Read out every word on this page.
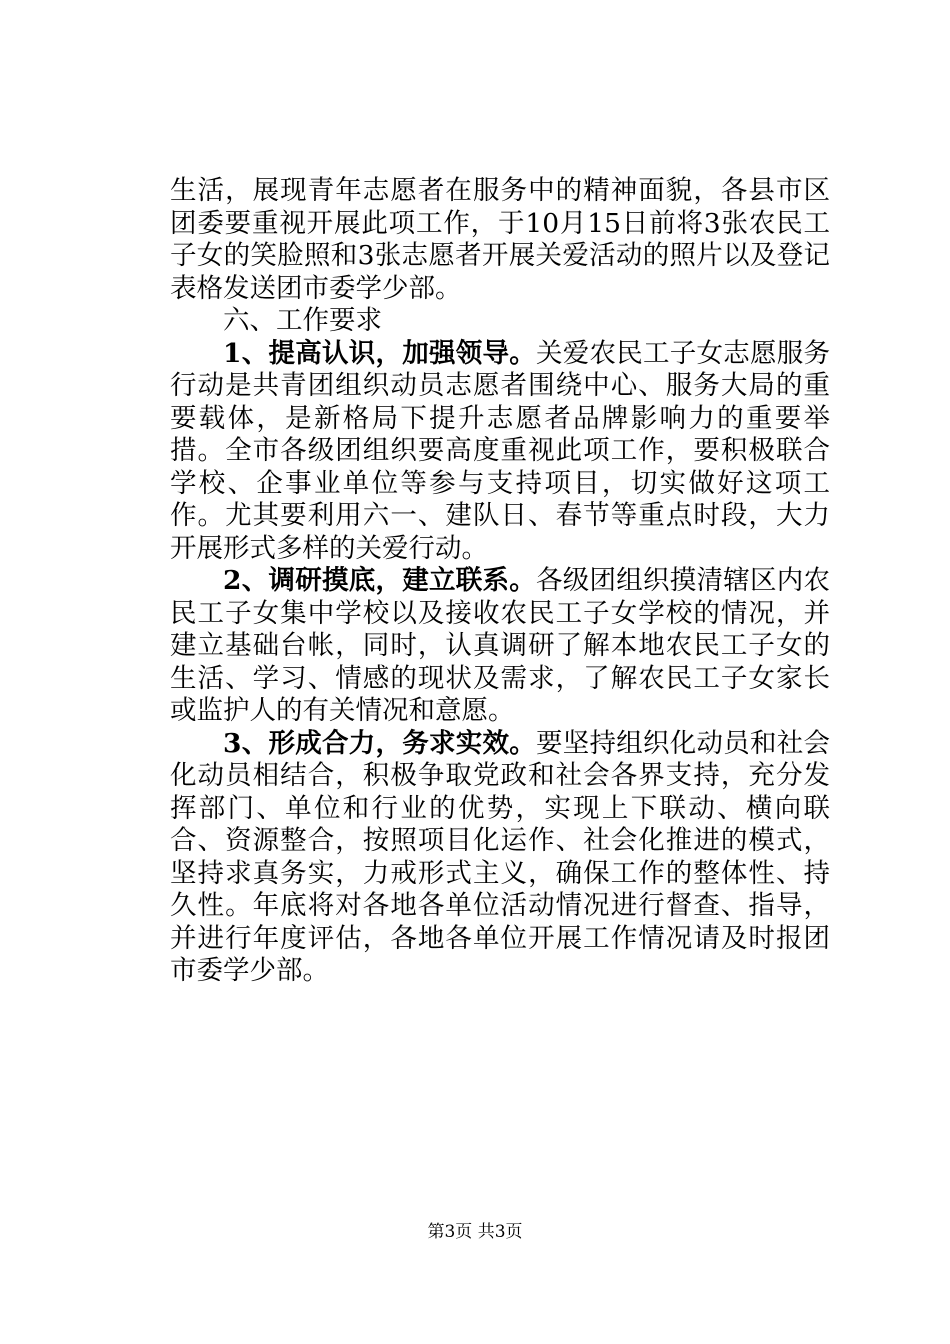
生活，展现青年志愿者在服务中的精神面貌，各县市区团委要重视开展此项工作，于10月15日前将3张农民工子女的笑脸照和3张志愿者开展关爱活动的照片以及登记表格发送团市委学少部。

六、工作要求

1、提高认识，加强领导。关爱农民工子女志愿服务行动是共青团组织动员志愿者围绕中心、服务大局的重要载体，是新格局下提升志愿者品牌影响力的重要举措。全市各级团组织要高度重视此项工作，要积极联合学校、企事业单位等参与支持项目，切实做好这项工作。尤其要利用六一、建队日、春节等重点时段，大力开展形式多样的关爱行动。

2、调研摸底，建立联系。各级团组织摸清辖区内农民工子女集中学校以及接收农民工子女学校的情况，并建立基础台帐，同时，认真调研了解本地农民工子女的生活、学习、情感的现状及需求，了解农民工子女家长或监护人的有关情况和意愿。

3、形成合力，务求实效。要坚持组织化动员和社会化动员相结合，积极争取党政和社会各界支持，充分发挥部门、单位和行业的优势，实现上下联动、横向联合、资源整合，按照项目化运作、社会化推进的模式，坚持求真务实，力戒形式主义，确保工作的整体性、持久性。年底将对各地各单位活动情况进行督查、指导，并进行年度评估，各地各单位开展工作情况请及时报团市委学少部。

第3页 共3页
